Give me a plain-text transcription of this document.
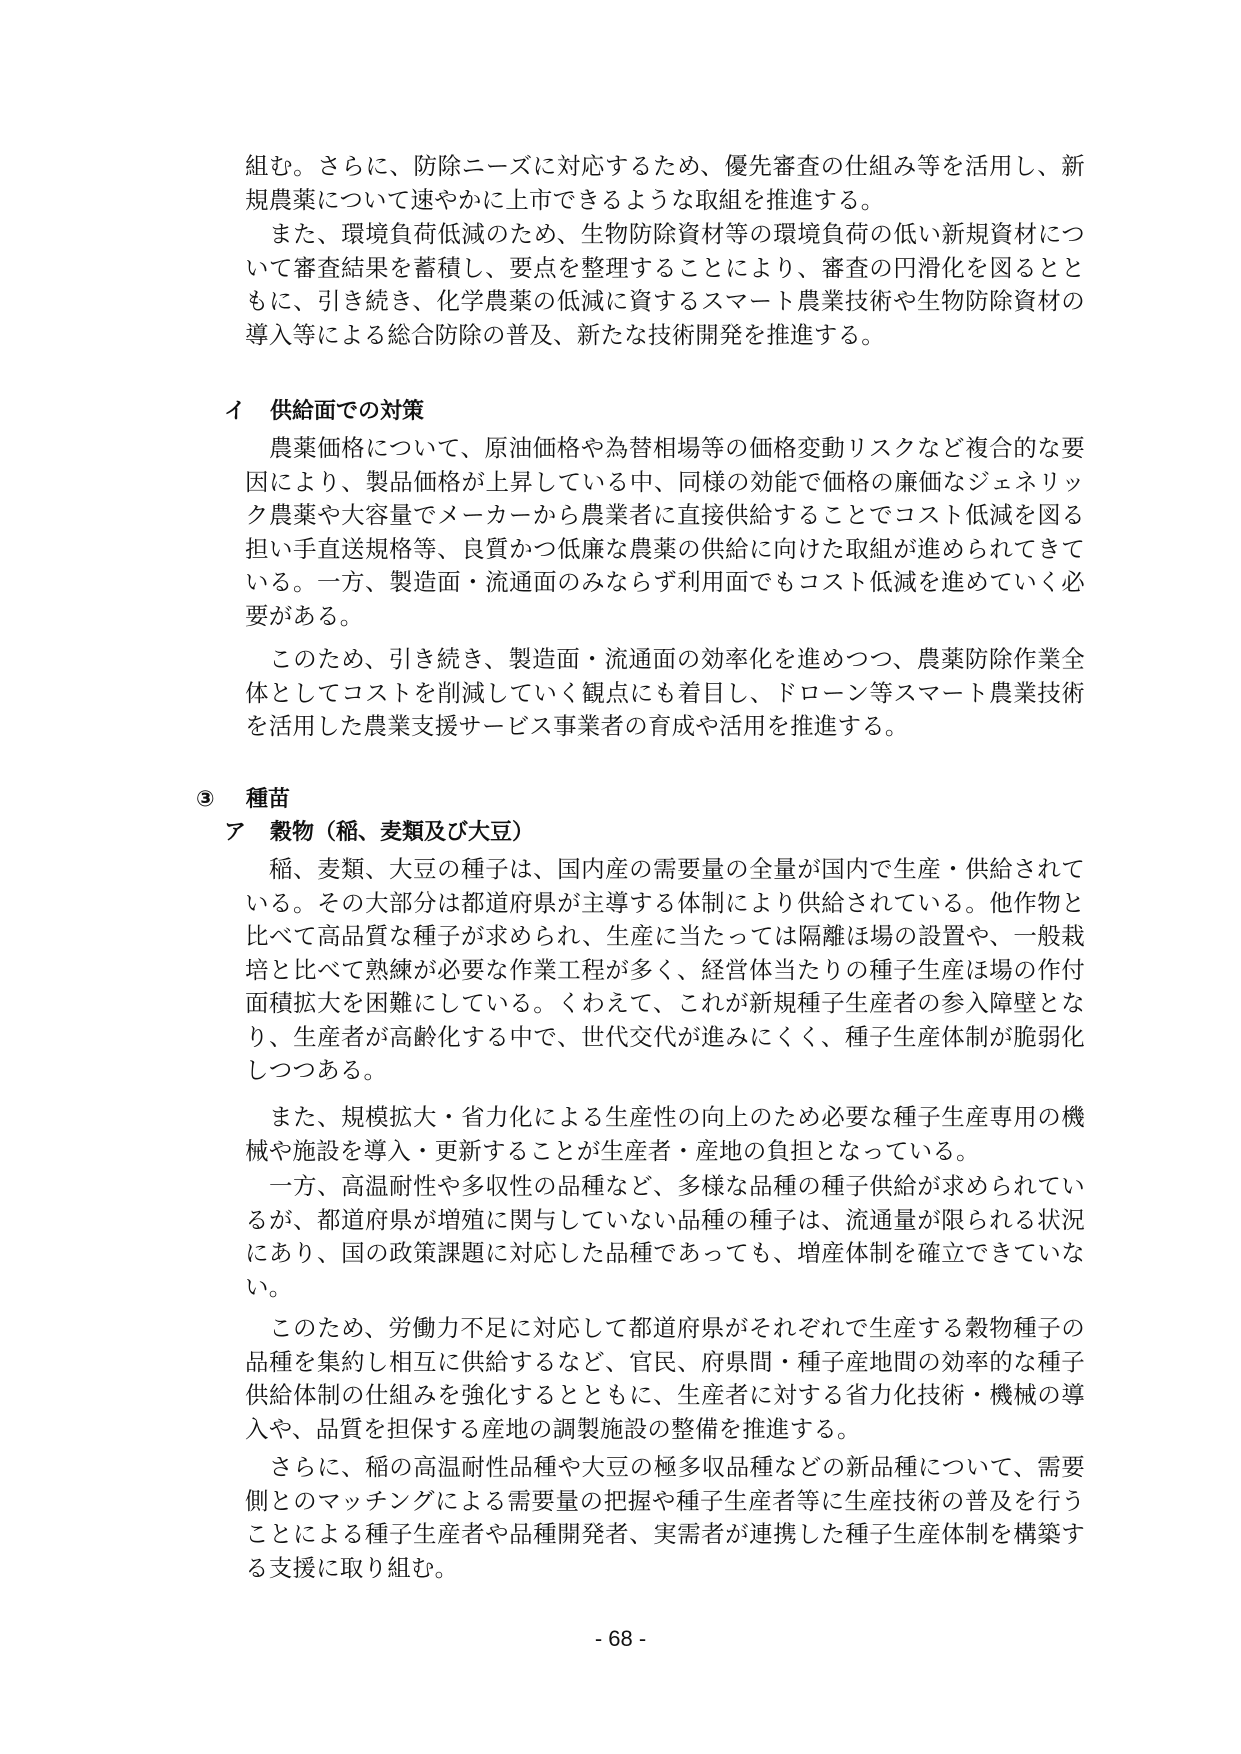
組む。さらに、防除ニーズに対応するため、優先審査の仕組み等を活用し、新規農薬について速やかに上市できるような取組を推進する。

また、環境負荷低減のため、生物防除資材等の環境負荷の低い新規資材について審査結果を蓄積し、要点を整理することにより、審査の円滑化を図るとともに、引き続き、化学農薬の低減に資するスマート農業技術や生物防除資材の導入等による総合防除の普及、新たな技術開発を推進する。

イ 供給面での対策

農薬価格について、原油価格や為替相場等の価格変動リスクなど複合的な要因により、製品価格が上昇している中、同様の効能で価格の廉価なジェネリック農薬や大容量でメーカーから農業者に直接供給することでコスト低減を図る担い手直送規格等、良質かつ低廉な農薬の供給に向けた取組が進められてきている。一方、製造面・流通面のみならず利用面でもコスト低減を進めていく必要がある。

このため、引き続き、製造面・流通面の効率化を進めつつ、農薬防除作業全体としてコストを削減していく観点にも着目し、ドローン等スマート農業技術を活用した農業支援サービス事業者の育成や活用を推進する。

③ 種苗
ア 穀物（稲、麦類及び大豆）

稲、麦類、大豆の種子は、国内産の需要量の全量が国内で生産・供給されている。その大部分は都道府県が主導する体制により供給されている。他作物と比べて高品質な種子が求められ、生産に当たっては隔離ほ場の設置や、一般栽培と比べて熟練が必要な作業工程が多く、経営体当たりの種子生産ほ場の作付面積拡大を困難にしている。くわえて、これが新規種子生産者の参入障壁となり、生産者が高齢化する中で、世代交代が進みにくく、種子生産体制が脆弱化しつつある。

また、規模拡大・省力化による生産性の向上のため必要な種子生産専用の機械や施設を導入・更新することが生産者・産地の負担となっている。

一方、高温耐性や多収性の品種など、多様な品種の種子供給が求められているが、都道府県が増殖に関与していない品種の種子は、流通量が限られる状況にあり、国の政策課題に対応した品種であっても、増産体制を確立できていない。

このため、労働力不足に対応して都道府県がそれぞれで生産する穀物種子の品種を集約し相互に供給するなど、官民、府県間・種子産地間の効率的な種子供給体制の仕組みを強化するとともに、生産者に対する省力化技術・機械の導入や、品質を担保する産地の調製施設の整備を推進する。

さらに、稲の高温耐性品種や大豆の極多収品種などの新品種について、需要側とのマッチングによる需要量の把握や種子生産者等に生産技術の普及を行うことによる種子生産者や品種開発者、実需者が連携した種子生産体制を構築する支援に取り組む。

- 68 -
